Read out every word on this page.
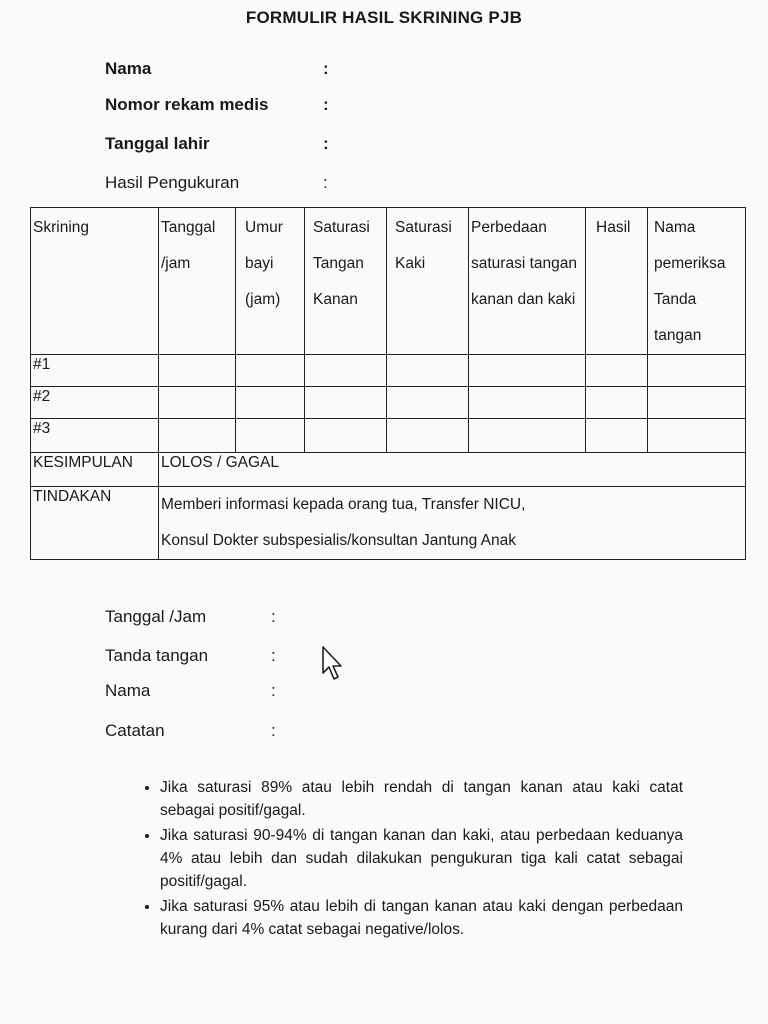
FORMULIR HASIL SKRINING PJB
Nama	:
Nomor rekam medis	:
Tanggal lahir	:
Hasil Pengukuran	:
Skrining	Tanggal /jam	Umur bayi (jam)	Saturasi Tangan Kanan	Saturasi Kaki	Perbedaan saturasi tangan kanan dan kaki	Hasil	Nama pemeriksa Tanda tangan
#1							
#2							
#3							
KESIMPULAN	LOLOS / GAGAL						
TINDAKAN	Memberi informasi kepada orang tua, Transfer NICU,
Konsul Dokter subspesialis/konsultan Jantung Anak						
Tanggal /Jam	:
Tanda tangan	:
Nama	:
Catatan	:
• Jika saturasi 89% atau lebih rendah di tangan kanan atau kaki catat sebagai positif/gagal.
• Jika saturasi 90-94% di tangan kanan dan kaki, atau perbedaan keduanya 4% atau lebih dan sudah dilakukan pengukuran tiga kali catat sebagai positif/gagal.
• Jika saturasi 95% atau lebih di tangan kanan atau kaki dengan perbedaan kurang dari 4% catat sebagai negative/lolos.
